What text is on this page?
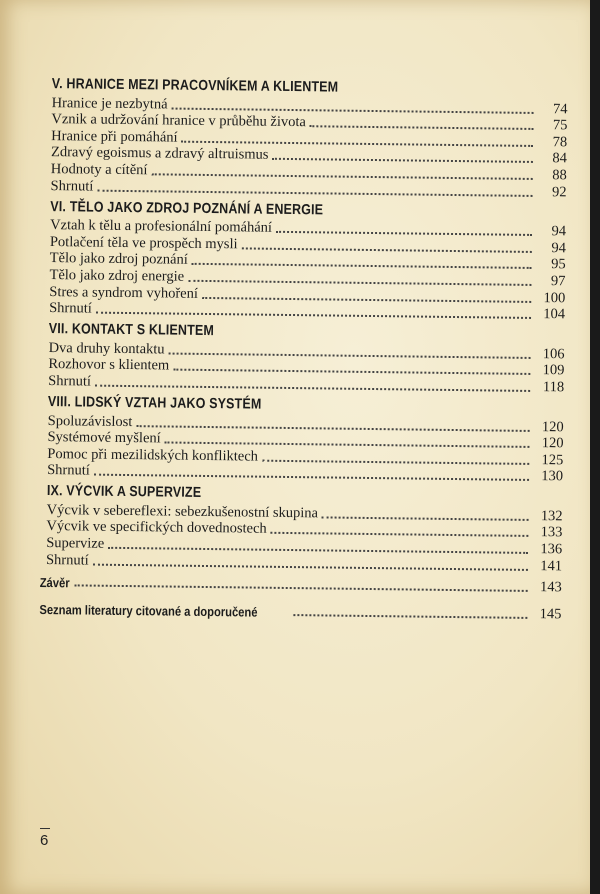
V. HRANICE MEZI PRACOVNÍKEM A KLIENTEM
Hranice je nezbytná	74
Vznik a udržování hranice v průběhu života	75
Hranice při pomáhání	78
Zdravý egoismus a zdravý altruismus	84
Hodnoty a cítění	88
Shrnutí	92
VI. TĚLO JAKO ZDROJ POZNÁNÍ A ENERGIE
Vztah k tělu a profesionální pomáhání	94
Potlačení těla ve prospěch mysli	94
Tělo jako zdroj poznání	95
Tělo jako zdroj energie	97
Stres a syndrom vyhoření	100
Shrnutí	104
VII. KONTAKT S KLIENTEM
Dva druhy kontaktu	106
Rozhovor s klientem	109
Shrnutí	118
VIII. LIDSKÝ VZTAH JAKO SYSTÉM
Spoluzávislost	120
Systémové myšlení	120
Pomoc při mezilidských konfliktech	125
Shrnutí	130
IX. VÝCVIK A SUPERVIZE
Výcvik v sebereflexi: sebezkušenostní skupina	132
Výcvik ve specifických dovednostech	133
Supervize	136
Shrnutí	141
Závěr	143
Seznam literatury citované a doporučené	145
6
